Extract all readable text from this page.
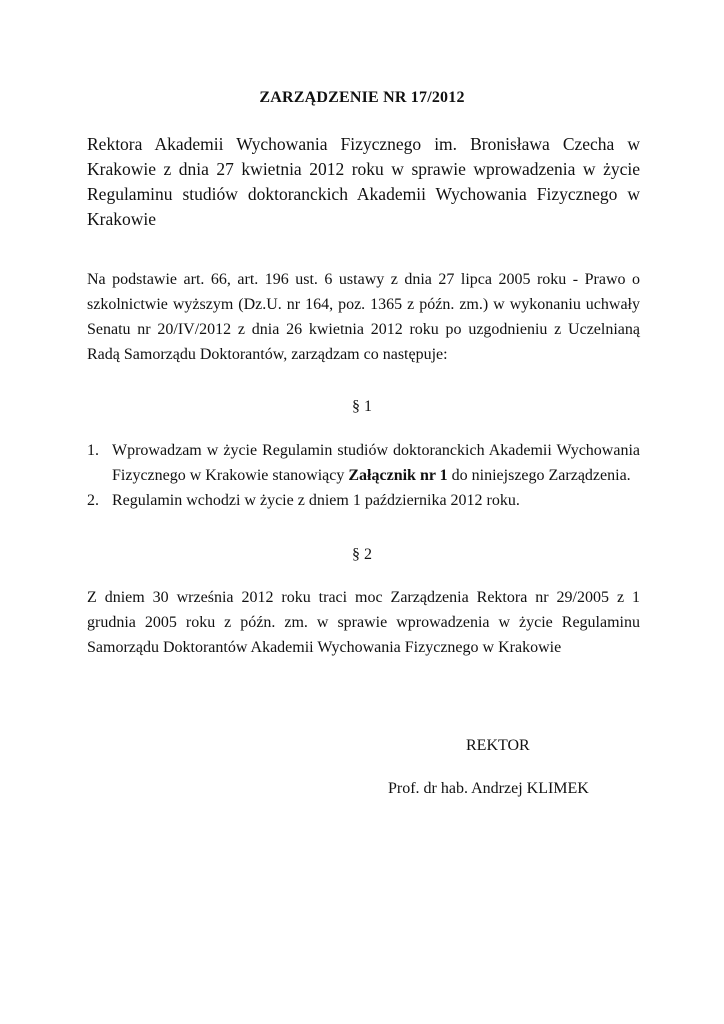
ZARZĄDZENIE NR 17/2012
Rektora Akademii Wychowania Fizycznego im. Bronisława Czecha w Krakowie z dnia 27 kwietnia 2012 roku w sprawie wprowadzenia w życie Regulaminu studiów doktoranckich Akademii Wychowania Fizycznego w Krakowie
Na podstawie art. 66, art. 196 ust. 6 ustawy z dnia 27 lipca 2005 roku - Prawo o szkolnictwie wyższym (Dz.U. nr 164, poz. 1365 z późn. zm.) w wykonaniu uchwały Senatu nr 20/IV/2012 z dnia 26 kwietnia 2012 roku po uzgodnieniu z Uczelnianą Radą Samorządu Doktorantów, zarządzam co następuje:
§ 1
1. Wprowadzam w życie Regulamin studiów doktoranckich Akademii Wychowania Fizycznego w Krakowie stanowiący Załącznik nr 1 do niniejszego Zarządzenia.
2. Regulamin wchodzi w życie z dniem 1 października 2012 roku.
§ 2
Z dniem 30 września 2012 roku traci moc Zarządzenia Rektora nr 29/2005 z 1 grudnia 2005 roku z późn. zm. w sprawie wprowadzenia w życie Regulaminu Samorządu Doktorantów Akademii Wychowania Fizycznego w Krakowie
REKTOR
Prof. dr hab. Andrzej KLIMEK
